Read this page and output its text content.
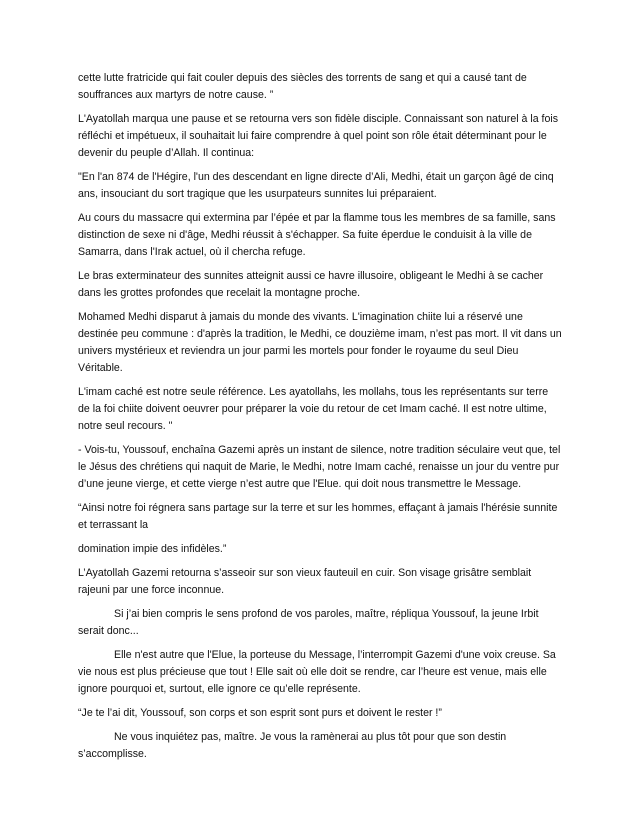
cette lutte fratricide qui fait couler depuis des siècles des torrents de sang et qui a causé tant de souffrances aux martyrs de notre cause. ”

L'Ayatollah marqua une pause et se retourna vers son fidèle disciple. Connaissant son naturel à la fois réfléchi et impétueux, il souhaitait lui faire comprendre à quel point son rôle était déterminant pour le devenir du peuple d’Allah. Il continua:

"En l'an 874 de l'Hégire, l'un des descendant en ligne directe d’Ali, Medhi, était un garçon âgé de cinq ans, insouciant du sort tragique que les usurpateurs sunnites lui préparaient.

Au cours du massacre qui extermina par l’épée et par la flamme tous les membres de sa famille, sans distinction de sexe ni d'âge, Medhi réussit à s'échapper. Sa fuite éperdue le conduisit à la ville de Samarra, dans l'Irak actuel, où il chercha refuge.

Le bras exterminateur des sunnites atteignit aussi ce havre illusoire, obligeant le Medhi à se cacher dans les grottes profondes que recelait la montagne proche.

Mohamed Medhi disparut à jamais du monde des vivants. L'imagination chiite lui a réservé une destinée peu commune : d'après la tradition, le Medhi, ce douzième imam, n’est pas mort. Il vit dans un univers mystérieux et reviendra un jour parmi les mortels pour fonder le royaume du seul Dieu Véritable.

L'imam caché est notre seule référence. Les ayatollahs, les mollahs, tous les représentants sur terre de la foi chiite doivent oeuvrer pour préparer la voie du retour de cet Imam caché. Il est notre ultime, notre seul recours. "

- Vois-tu, Youssouf, enchaîna Gazemi après un instant de silence, notre tradition séculaire veut que, tel le Jésus des chrétiens qui naquit de Marie, le Medhi, notre Imam caché, renaisse un jour du ventre pur d’une jeune vierge, et cette vierge n’est autre que l'Elue. qui doit nous transmettre le Message.

“Ainsi notre foi régnera sans partage sur la terre et sur les hommes, effaçant à jamais l'hérésie sunnite et terrassant la

domination impie des infidèles.”

L’Ayatollah Gazemi retourna s’asseoir sur son vieux fauteuil en cuir. Son visage grisâtre semblait rajeuni par une force inconnue.

Si j’ai bien compris le sens profond de vos paroles, maître, répliqua Youssouf, la jeune Irbit serait donc...

Elle n'est autre que l'Elue, la porteuse du Message, l’interrompit Gazemi d'une voix creuse. Sa vie nous est plus précieuse que tout ! Elle sait où elle doit se rendre, car l’heure est venue, mais elle ignore pourquoi et, surtout, elle ignore ce qu’elle représente.

“Je te l’ai dit, Youssouf, son corps et son esprit sont purs et doivent le rester !”

Ne vous inquiétez pas, maître. Je vous la ramènerai au plus tôt pour que son destin s’accomplisse.
